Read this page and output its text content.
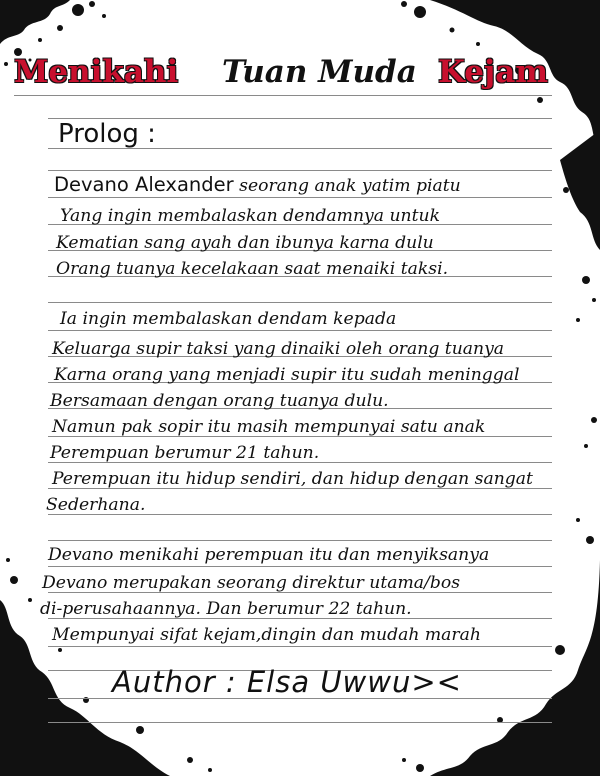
Menikahi Tuan Muda Kejam
Prolog :
Devano Alexander seorang anak yatim piatu
Yang ingin membalaskan dendamnya untuk
Kematian sang ayah dan ibunya karna dulu
Orang tuanya kecelakaan saat menaiki taksi.
Ia ingin membalaskan dendam kepada
Keluarga supir taksi yang dinaiki oleh orang tuanya
Karna orang yang menjadi supir itu sudah meninggal
Bersamaan dengan orang tuanya dulu.
Namun pak sopir itu masih mempunyai satu anak
Perempuan berumur 21 tahun.
Perempuan itu hidup sendiri, dan hidup dengan sangat
Sederhana.
Devano menikahi perempuan itu dan menyiksanya
Devano merupakan seorang direktur utama/bos
di-perusahaannya. Dan berumur 22 tahun.
Mempunyai sifat kejam,dingin dan mudah marah
Author : Elsa Uwwu><
